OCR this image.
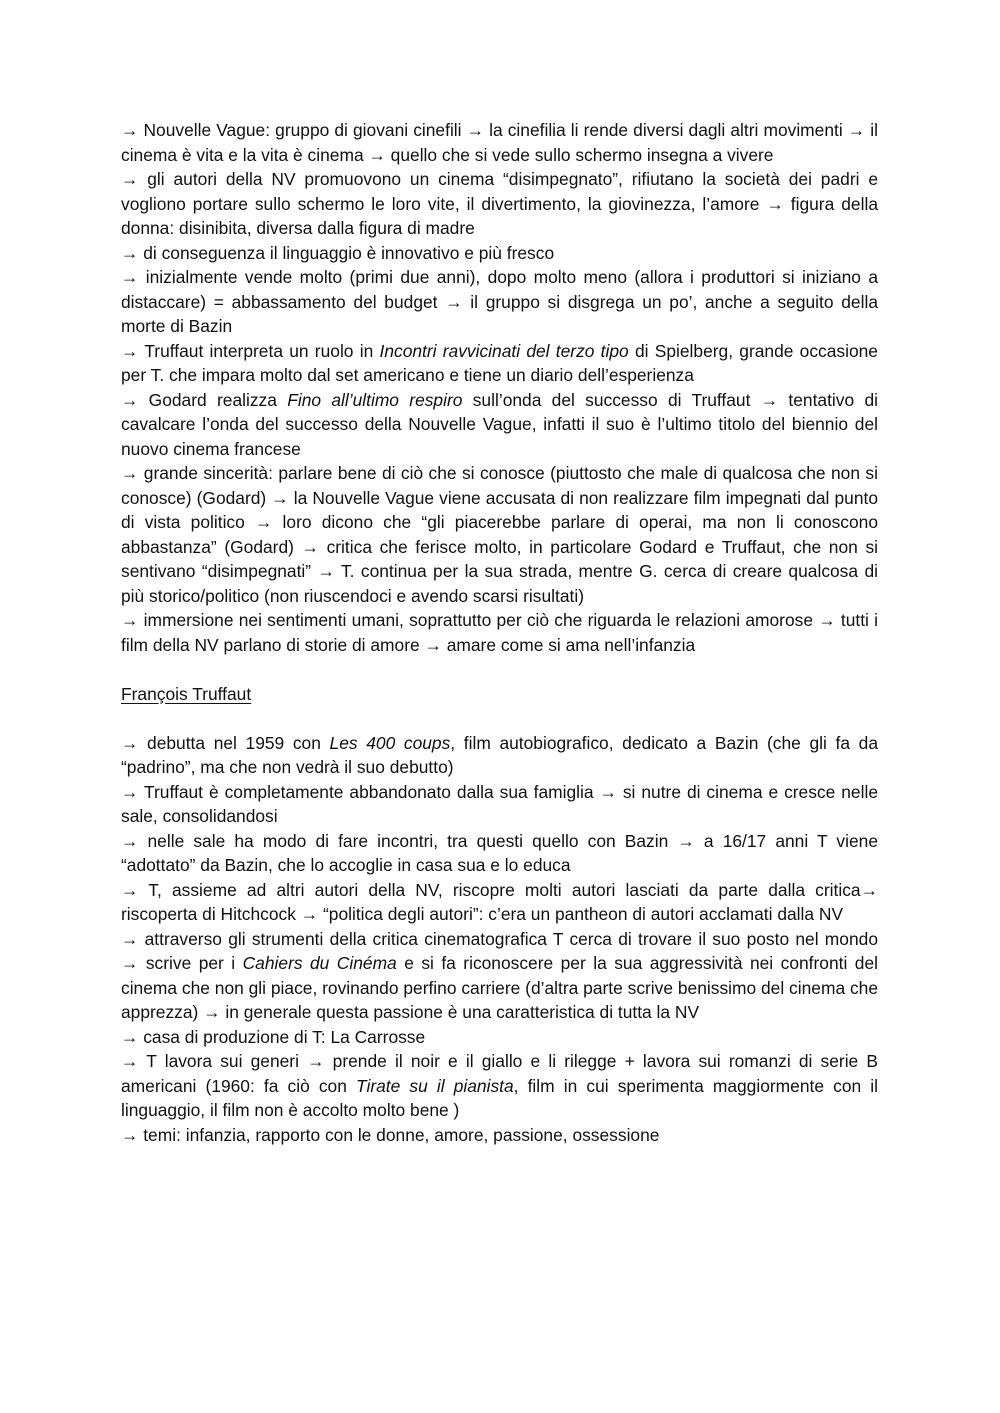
→ Nouvelle Vague: gruppo di giovani cinefili → la cinefilia li rende diversi dagli altri movimenti → il cinema è vita e la vita è cinema → quello che si vede sullo schermo insegna a vivere

→ gli autori della NV promuovono un cinema “disimpegnato”, rifiutano la società dei padri e vogliono portare sullo schermo le loro vite, il divertimento, la giovinezza, l’amore → figura della donna: disinibita, diversa dalla figura di madre

→ di conseguenza il linguaggio è innovativo e più fresco

→ inizialmente vende molto (primi due anni), dopo molto meno (allora i produttori si iniziano a distaccare) = abbassamento del budget → il gruppo si disgrega un po’, anche a seguito della morte di Bazin

→ Truffaut interpreta un ruolo in Incontri ravvicinati del terzo tipo di Spielberg, grande occasione per T. che impara molto dal set americano e tiene un diario dell’esperienza

→ Godard realizza Fino all’ultimo respiro sull’onda del successo di Truffaut → tentativo di cavalcare l’onda del successo della Nouvelle Vague, infatti il suo è l’ultimo titolo del biennio del nuovo cinema francese

→ grande sincerità: parlare bene di ciò che si conosce (piuttosto che male di qualcosa che non si conosce) (Godard) → la Nouvelle Vague viene accusata di non realizzare film impegnati dal punto di vista politico → loro dicono che “gli piacerebbe parlare di operai, ma non li conoscono abbastanza” (Godard) → critica che ferisce molto, in particolare Godard e Truffaut, che non si sentivano “disimpegnati” → T. continua per la sua strada, mentre G. cerca di creare qualcosa di più storico/politico (non riuscendoci e avendo scarsi risultati)

→ immersione nei sentimenti umani, soprattutto per ciò che riguarda le relazioni amorose → tutti i film della NV parlano di storie di amore → amare come si ama nell’infanzia

François Truffaut

→ debutta nel 1959 con Les 400 coups, film autobiografico, dedicato a Bazin (che gli fa da “padrino”, ma che non vedrà il suo debutto)

→ Truffaut è completamente abbandonato dalla sua famiglia → si nutre di cinema e cresce nelle sale, consolidandosi

→ nelle sale ha modo di fare incontri, tra questi quello con Bazin → a 16/17 anni T viene “adottato” da Bazin, che lo accoglie in casa sua e lo educa

→ T, assieme ad altri autori della NV, riscopre molti autori lasciati da parte dalla critica→ riscoperta di Hitchcock → “politica degli autori”: c’era un pantheon di autori acclamati dalla NV

→ attraverso gli strumenti della critica cinematografica T cerca di trovare il suo posto nel mondo → scrive per i Cahiers du Cinéma e si fa riconoscere per la sua aggressività nei confronti del cinema che non gli piace, rovinando perfino carriere (d’altra parte scrive benissimo del cinema che apprezza) → in generale questa passione è una caratteristica di tutta la NV

→ casa di produzione di T: La Carrosse

→ T lavora sui generi → prende il noir e il giallo e li rilegge + lavora sui romanzi di serie B americani (1960: fa ciò con Tirate su il pianista, film in cui sperimenta maggiormente con il linguaggio, il film non è accolto molto bene )

→ temi: infanzia, rapporto con le donne, amore, passione, ossessione
